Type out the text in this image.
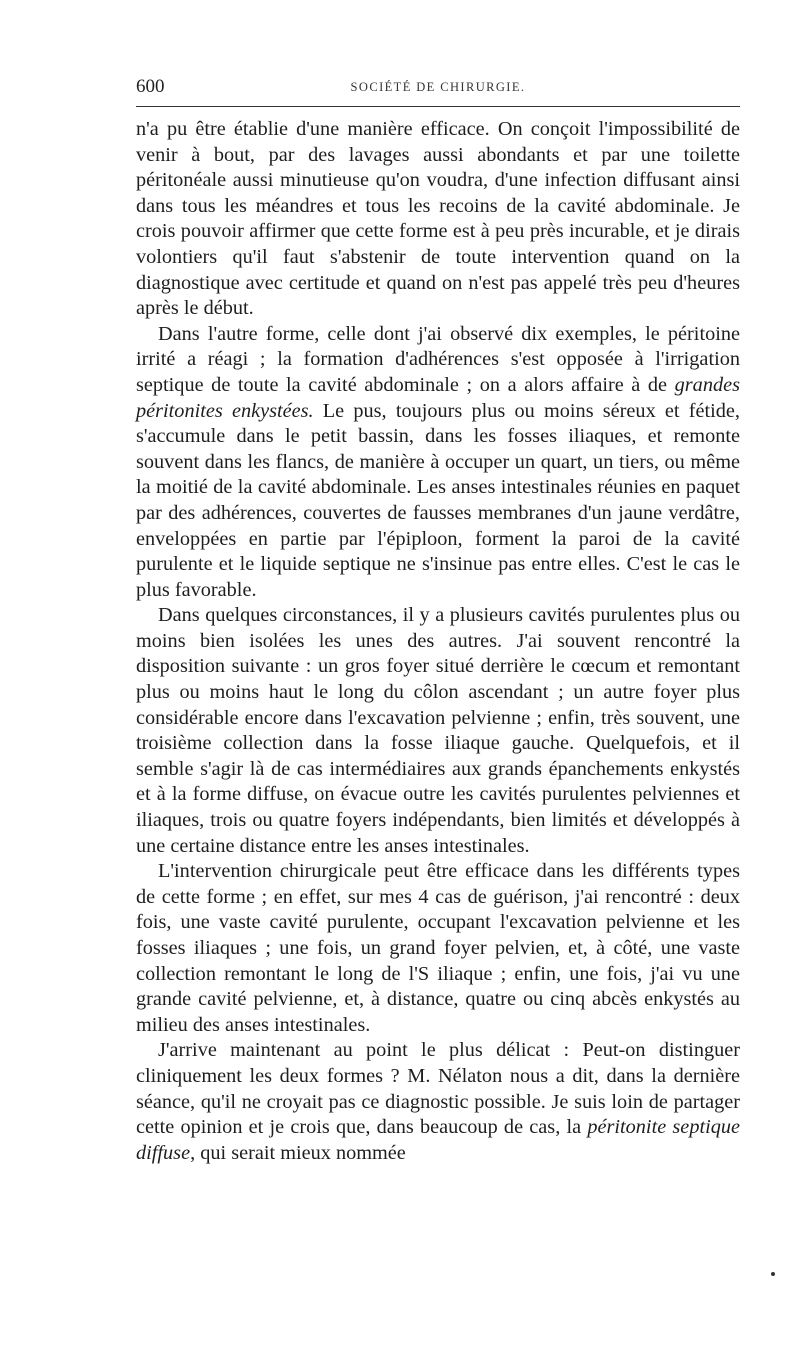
600	SOCIÉTÉ DE CHIRURGIE.

n'a pu être établie d'une manière efficace. On conçoit l'impossibilité de venir à bout, par des lavages aussi abondants et par une toilette péritonéale aussi minutieuse qu'on voudra, d'une infection diffusant ainsi dans tous les méandres et tous les recoins de la cavité abdominale. Je crois pouvoir affirmer que cette forme est à peu près incurable, et je dirais volontiers qu'il faut s'abstenir de toute intervention quand on la diagnostique avec certitude et quand on n'est pas appelé très peu d'heures après le début.

Dans l'autre forme, celle dont j'ai observé dix exemples, le péritoine irrité a réagi ; la formation d'adhérences s'est opposée à l'irrigation septique de toute la cavité abdominale ; on a alors affaire à de grandes péritonites enkystées. Le pus, toujours plus ou moins séreux et fétide, s'accumule dans le petit bassin, dans les fosses iliaques, et remonte souvent dans les flancs, de manière à occuper un quart, un tiers, ou même la moitié de la cavité abdominale. Les anses intestinales réunies en paquet par des adhérences, couvertes de fausses membranes d'un jaune verdâtre, enveloppées en partie par l'épiploon, forment la paroi de la cavité purulente et le liquide septique ne s'insinue pas entre elles. C'est le cas le plus favorable.

Dans quelques circonstances, il y a plusieurs cavités purulentes plus ou moins bien isolées les unes des autres. J'ai souvent rencontré la disposition suivante : un gros foyer situé derrière le cœcum et remontant plus ou moins haut le long du côlon ascendant ; un autre foyer plus considérable encore dans l'excavation pelvienne ; enfin, très souvent, une troisième collection dans la fosse iliaque gauche. Quelquefois, et il semble s'agir là de cas intermédiaires aux grands épanchements enkystés et à la forme diffuse, on évacue outre les cavités purulentes pelviennes et iliaques, trois ou quatre foyers indépendants, bien limités et développés à une certaine distance entre les anses intestinales.

L'intervention chirurgicale peut être efficace dans les différents types de cette forme ; en effet, sur mes 4 cas de guérison, j'ai rencontré : deux fois, une vaste cavité purulente, occupant l'excavation pelvienne et les fosses iliaques ; une fois, un grand foyer pelvien, et, à côté, une vaste collection remontant le long de l'S iliaque ; enfin, une fois, j'ai vu une grande cavité pelvienne, et, à distance, quatre ou cinq abcès enkystés au milieu des anses intestinales.

J'arrive maintenant au point le plus délicat : Peut-on distinguer cliniquement les deux formes ? M. Nélaton nous a dit, dans la dernière séance, qu'il ne croyait pas ce diagnostic possible. Je suis loin de partager cette opinion et je crois que, dans beaucoup de cas, la péritonite septique diffuse, qui serait mieux nommée
